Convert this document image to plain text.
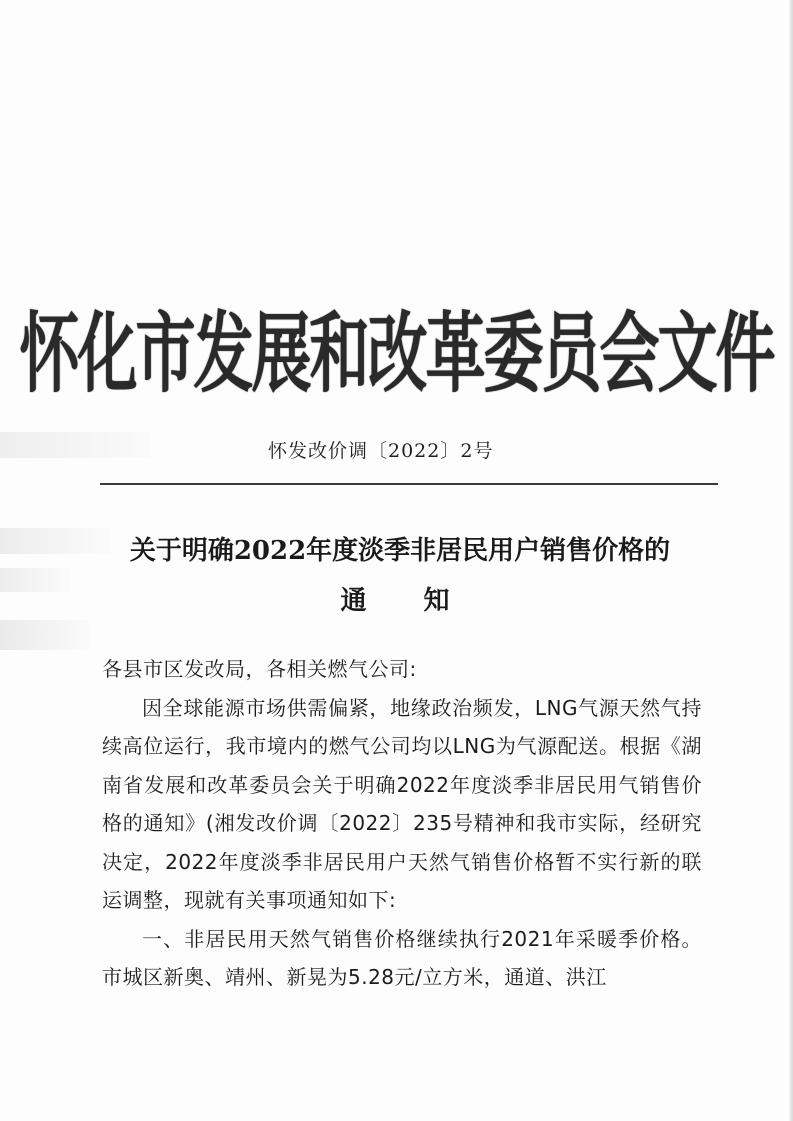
怀化市发展和改革委员会文件
怀发改价调〔2022〕2号
关于明确2022年度淡季非居民用户销售价格的
通 知

各县市区发改局，各相关燃气公司:

因全球能源市场供需偏紧，地缘政治频发，LNG气源天然气持续高位运行，我市境内的燃气公司均以LNG为气源配送。根据《湖南省发展和改革委员会关于明确2022年度淡季非居民用气销售价格的通知》(湘发改价调〔2022〕235号精神和我市实际，经研究决定，2022年度淡季非居民用户天然气销售价格暂不实行新的联运调整，现就有关事项通知如下:

一、非居民用天然气销售价格继续执行2021年采暖季价格。市城区新奥、靖州、新晃为5.28元/立方米，通道、洪江
